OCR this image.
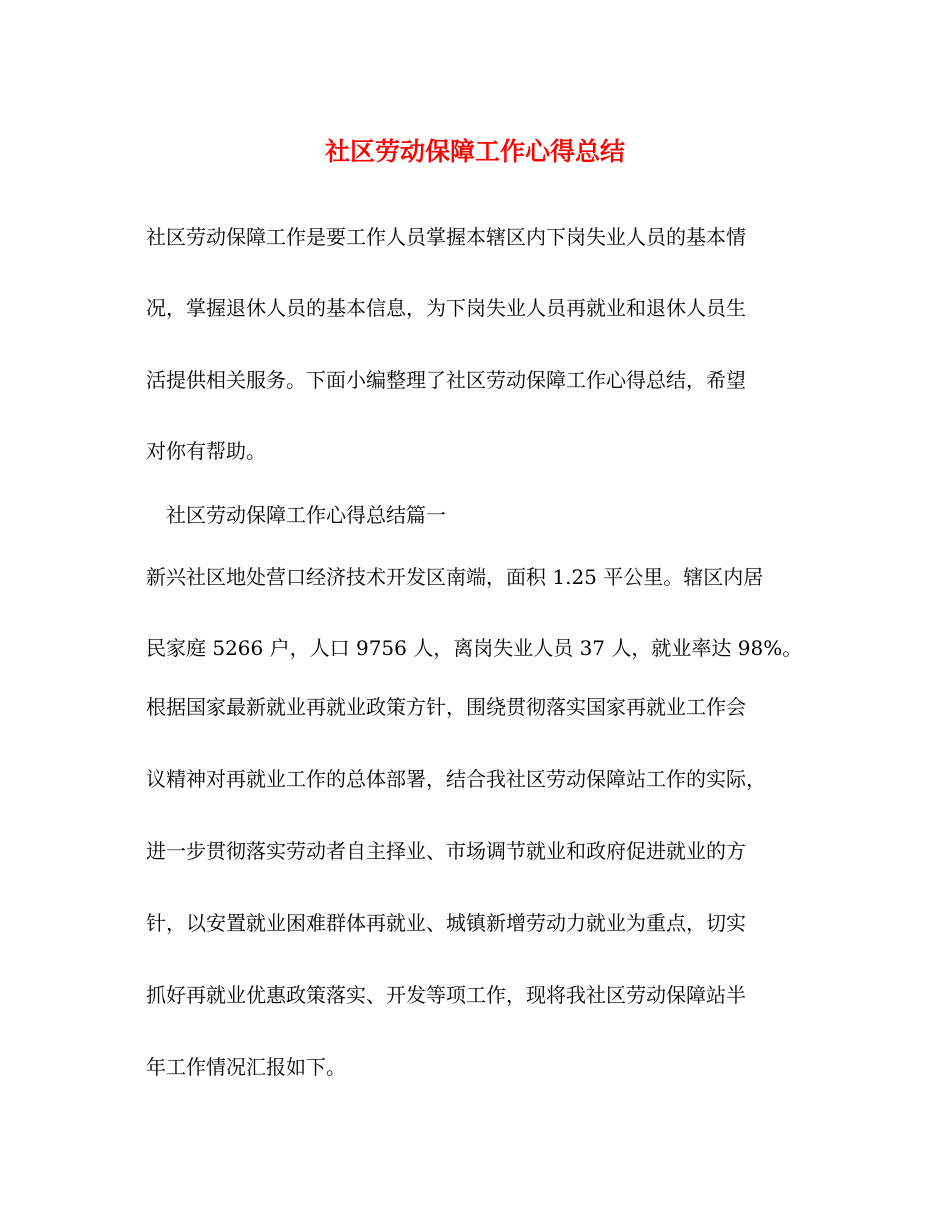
社区劳动保障工作心得总结

社区劳动保障工作是要工作人员掌握本辖区内下岗失业人员的基本情

况，掌握退休人员的基本信息，为下岗失业人员再就业和退休人员生

活提供相关服务。下面小编整理了社区劳动保障工作心得总结，希望

对你有帮助。

社区劳动保障工作心得总结篇一

新兴社区地处营口经济技术开发区南端，面积 1.25 平公里。辖区内居

民家庭 5266 户，人口 9756 人，离岗失业人员 37 人，就业率达 98%。

根据国家最新就业再就业政策方针，围绕贯彻落实国家再就业工作会

议精神对再就业工作的总体部署，结合我社区劳动保障站工作的实际，

进一步贯彻落实劳动者自主择业、市场调节就业和政府促进就业的方

针，以安置就业困难群体再就业、城镇新增劳动力就业为重点，切实

抓好再就业优惠政策落实、开发等项工作，现将我社区劳动保障站半

年工作情况汇报如下。
